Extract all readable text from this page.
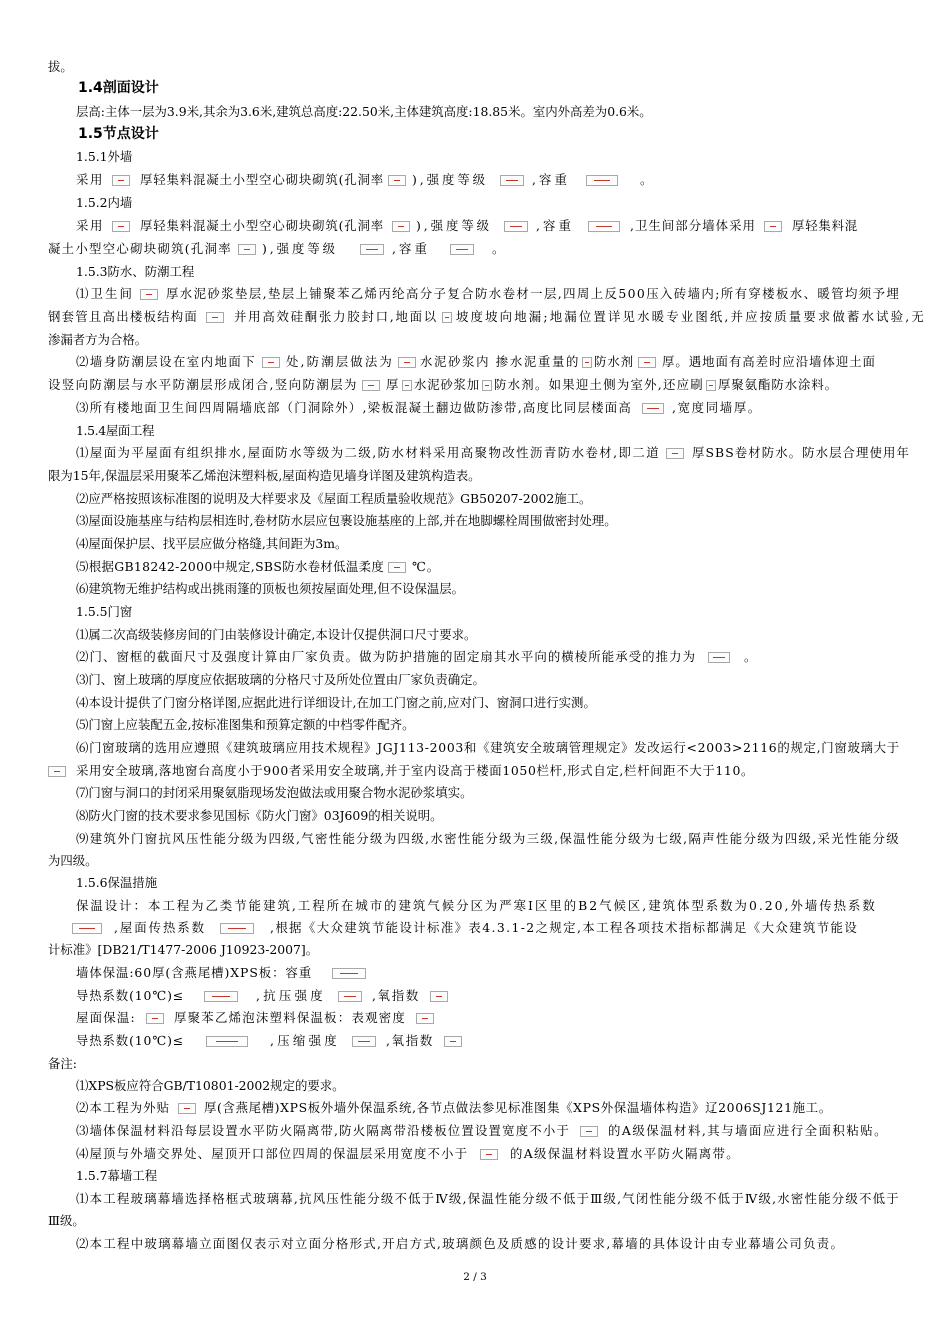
拔。
1.4剖面设计
层高:主体一层为3.9米,其余为3.6米,建筑总高度:22.50米,主体建筑高度:18.85米。室内外高差为0.6米。
1.5节点设计
1.5.1外墙
采用	厚轻集料混凝土小型空心砌块砌筑(孔洞率 ),强度等级	,容重	。
1.5.2内墙
采用	厚轻集料混凝土小型空心砌块砌筑(孔洞率	),强度等级	,容重	,卫生间部分墙体采用	厚轻集料混
凝土小型空心砌块砌筑(孔洞率 ),强度等级	,容重	。
1.5.3防水、防潮工程
⑴卫生间	厚水泥砂浆垫层,垫层上铺聚苯乙烯丙纶高分子复合防水卷材一层,四周上反500压入砖墙内;所有穿楼板水、暖管均须予埋
钢套管且高出楼板结构面	并用高效硅酮张力胶封口,地面以 坡度坡向地漏;地漏位置详见水暖专业图纸,并应按质量要求做蓄水试验,无
渗漏者方为合格。
⑵墙身防潮层设在室内地面下 处,防潮层做法为 水泥砂浆内 掺水泥重量的 防水剂 厚。遇地面有高差时应沿墙体迎土面
设竖向防潮层与水平防潮层形成闭合,竖向防潮层为 厚 水泥砂浆加 防水剂。如果迎土侧为室外,还应刷 厚聚氨酯防水涂料。
⑶所有楼地面卫生间四周隔墙底部（门洞除外）,梁板混凝土翻边做防渗带,高度比同层楼面高	,宽度同墙厚。
1.5.4屋面工程
⑴屋面为平屋面有组织排水,屋面防水等级为二级,防水材料采用高聚物改性沥青防水卷材,即二道	厚SBS卷材防水。防水层合理使用年
限为15年,保温层采用聚苯乙烯泡沫塑料板,屋面构造见墙身详图及建筑构造表。
⑵应严格按照该标准图的说明及大样要求及《屋面工程质量验收规范》GB50207-2002施工。
⑶屋面设施基座与结构层相连时,卷材防水层应包裹设施基座的上部,并在地脚螺栓周围做密封处理。
⑷屋面保护层、找平层应做分格缝,其间距为3m。
⑸根据GB18242-2000中规定,SBS防水卷材低温柔度 ℃。
⑹建筑物无维护结构或出挑雨篷的顶板也须按屋面处理,但不设保温层。
1.5.5门窗
⑴属二次高级装修房间的门由装修设计确定,本设计仅提供洞口尺寸要求。
⑵门、窗框的截面尺寸及强度计算由厂家负责。做为防护措施的固定扇其水平向的横棱所能承受的推力为	。
⑶门、窗上玻璃的厚度应依据玻璃的分格尺寸及所处位置由厂家负责确定。
⑷本设计提供了门窗分格详图,应据此进行详细设计,在加工门窗之前,应对门、窗洞口进行实测。
⑸门窗上应装配五金,按标准图集和预算定额的中档零件配齐。
⑹门窗玻璃的选用应遵照《建筑玻璃应用技术规程》JGJ113-2003和《建筑安全玻璃管理规定》发改运行<2003>2116的规定,门窗玻璃大于
采用安全玻璃,落地窗台高度小于900者采用安全玻璃,并于室内设高于楼面1050栏杆,形式自定,栏杆间距不大于110。
⑺门窗与洞口的封闭采用聚氨脂现场发泡做法或用聚合物水泥砂浆填实。
⑻防火门窗的技术要求参见国标《防火门窗》03J609的相关说明。
⑼建筑外门窗抗风压性能分级为四级,气密性能分级为四级,水密性能分级为三级,保温性能分级为七级,隔声性能分级为四级,采光性能分级
为四级。
1.5.6保温措施
保温设计：本工程为乙类节能建筑,工程所在城市的建筑气候分区为严寒Ⅰ区里的B2气候区,建筑体型系数为0.20,外墙传热系数
,屋面传热系数	,根据《大众建筑节能设计标准》表4.3.1-2之规定,本工程各项技术指标都满足《大众建筑节能设
计标准》[DB21/T1477-2006 J10923-2007]。
墙体保温:60厚(含燕尾槽)XPS板：容重
导热系数(10℃)≤	,抗压强度	,氧指数
屋面保温:	厚聚苯乙烯泡沫塑料保温板：表观密度
导热系数(10℃)≤	,压缩强度	,氧指数
备注:
⑴XPS板应符合GB/T10801-2002规定的要求。
⑵本工程为外贴	厚(含燕尾槽)XPS板外墙外保温系统,各节点做法参见标准图集《XPS外保温墙体构造》辽2006SJ121施工。
⑶墙体保温材料沿每层设置水平防火隔离带,防火隔离带沿楼板位置设置宽度不小于	的A级保温材料,其与墙面应进行全面积粘贴。
⑷屋顶与外墙交界处、屋顶开口部位四周的保温层采用宽度不小于	的A级保温材料设置水平防火隔离带。
1.5.7幕墙工程
⑴本工程玻璃幕墙选择格框式玻璃幕,抗风压性能分级不低于Ⅳ级,保温性能分级不低于Ⅲ级,气闭性能分级不低于Ⅳ级,水密性能分级不低于
Ⅲ级。
⑵本工程中玻璃幕墙立面图仅表示对立面分格形式,开启方式,玻璃颜色及质感的设计要求,幕墙的具体设计由专业幕墙公司负责。
2 / 3
